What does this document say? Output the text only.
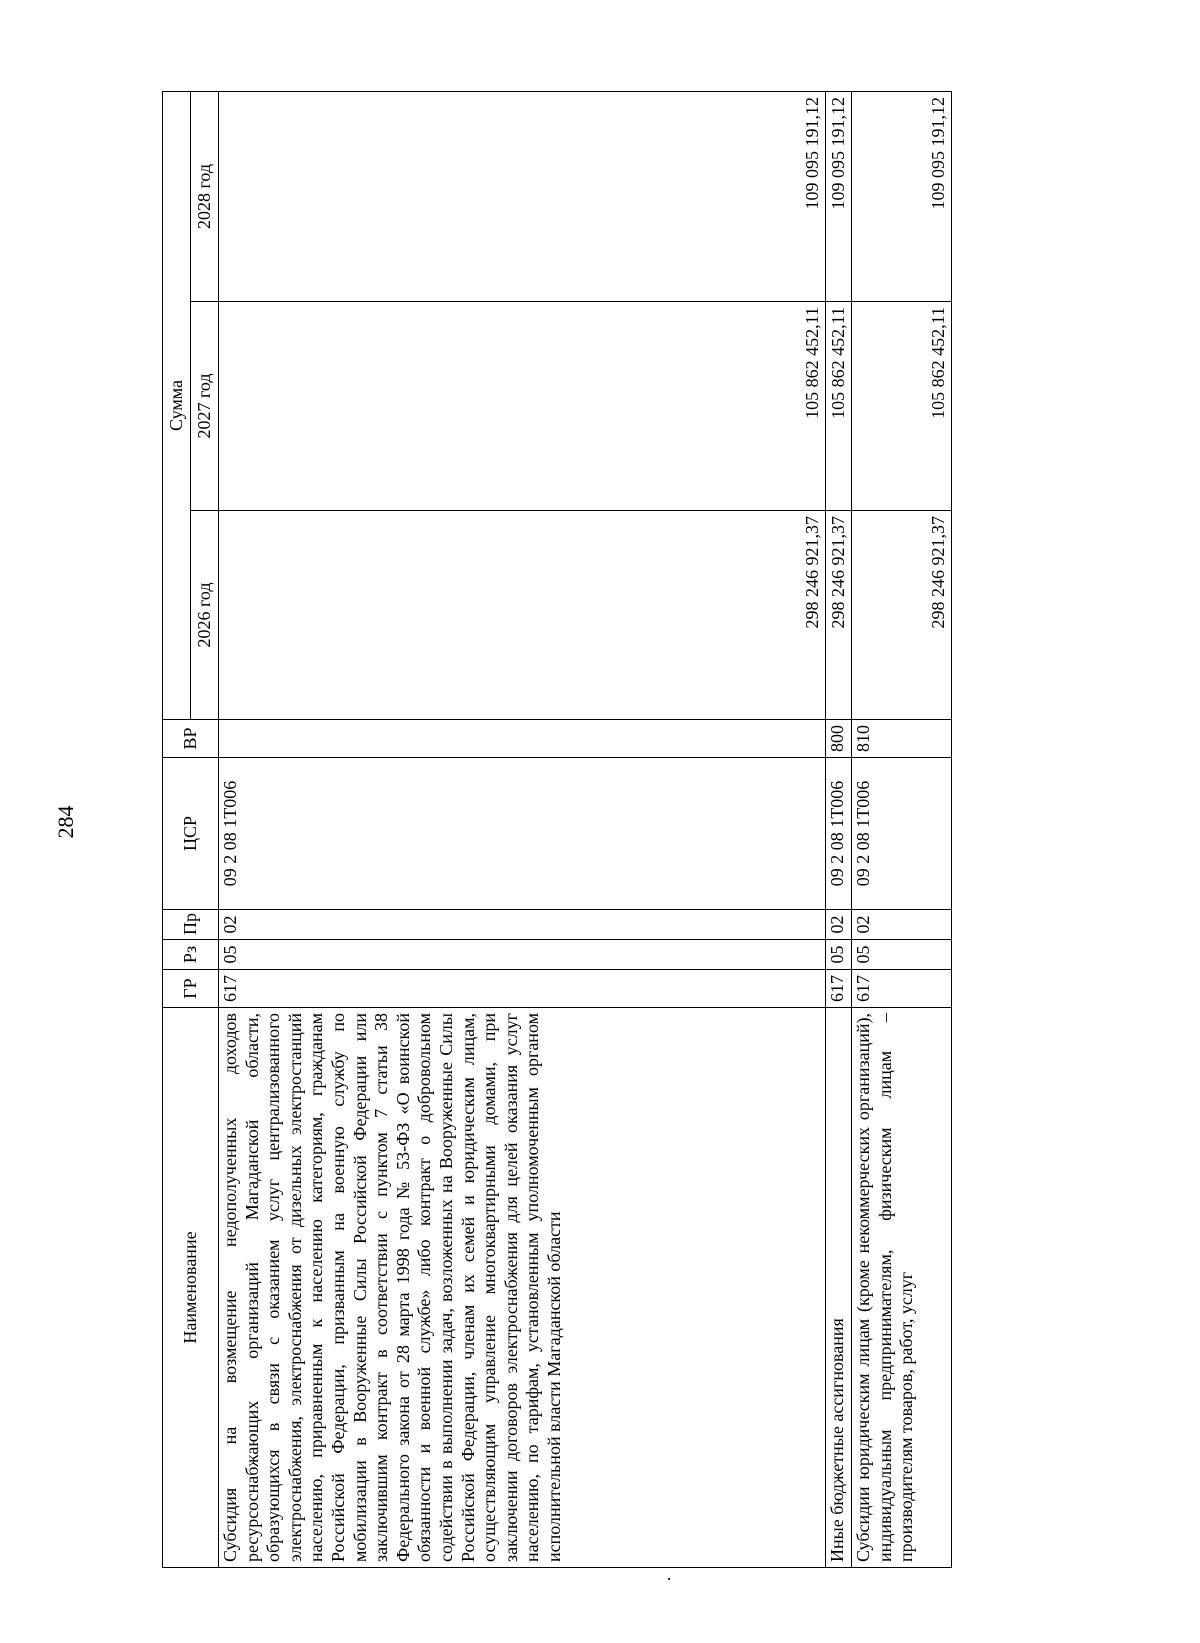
284
Наименование	ГР	Рз	Пр	ЦСР	ВР	Сумма		
						2026 год	2027 год	2028 год
Субсидия на возмещение недополученных доходов ресурсоснабжающих организаций Магаданской области, образующихся в связи с оказанием услуг централизованного электроснабжения, электроснабжения от дизельных электростанций населению, приравненным к населению категориям, гражданам Российской Федерации, призванным на военную службу по мобилизации в Вооруженные Силы Российской Федерации или заключившим контракт в соответствии с пунктом 7 статьи 38 Федерального закона от 28 марта 1998 года № 53-ФЗ «О воинской обязанности и военной службе» либо контракт о добровольном содействии в выполнении задач, возложенных на Вооруженные Силы Российской Федерации, членам их семей и юридическим лицам, осуществляющим управление многоквартирными домами, при заключении договоров электроснабжения для целей оказания услуг населению, по тарифам, установленным уполномоченным органом исполнительной власти Магаданской области	617	05	02	09 2 08 1Т006		298 246 921,37	105 862 452,11	109 095 191,12
Иные бюджетные ассигнования	617	05	02	09 2 08 1Т006	800	298 246 921,37	105 862 452,11	109 095 191,12
Субсидии юридическим лицам (кроме некоммерческих организаций), индивидуальным предпринимателям, физическим лицам – производителям товаров, работ, услуг	617	05	02	09 2 08 1Т006	810	298 246 921,37	105 862 452,11	109 095 191,12
